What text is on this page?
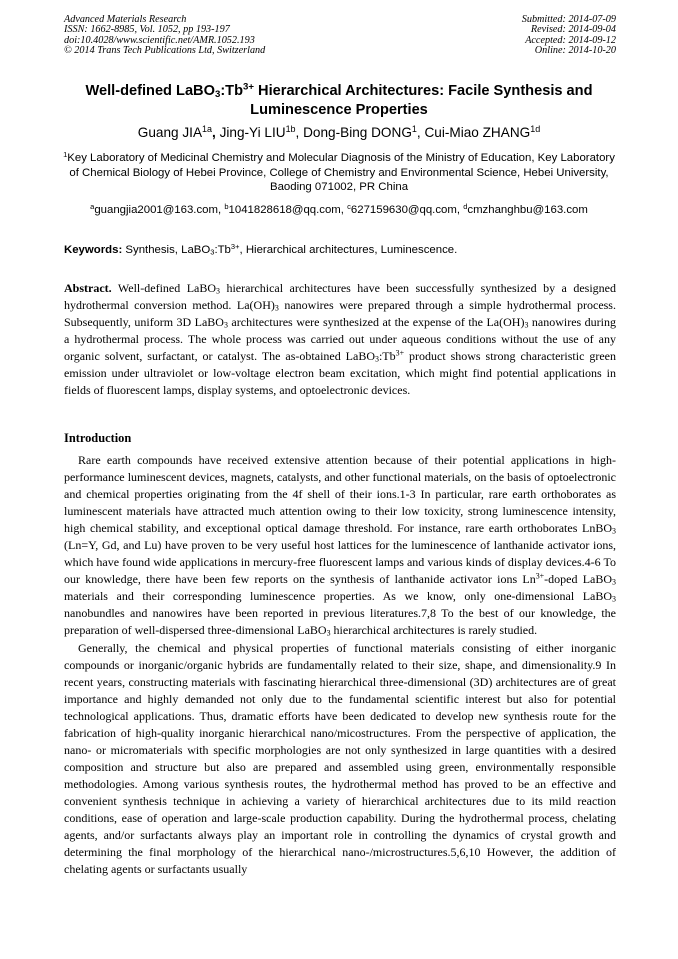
Advanced Materials Research
ISSN: 1662-8985, Vol. 1052, pp 193-197
doi:10.4028/www.scientific.net/AMR.1052.193
© 2014 Trans Tech Publications Ltd, Switzerland
Submitted: 2014-07-09
Revised: 2014-09-04
Accepted: 2014-09-12
Online: 2014-10-20
Well-defined $LaBO_3:Tb^{3+}$ Hierarchical Architectures: Facile Synthesis and Luminescence Properties
Guang $JIA^{1a}$, Jing-Yi $LIU^{1b}$, Dong-Bing DONG$^1$, Cui-Miao $ZHANG^{1d}$
$^1$Key Laboratory of Medicinal Chemistry and Molecular Diagnosis of the Ministry of Education, Key Laboratory of Chemical Biology of Hebei Province, College of Chemistry and Environmental Science, Hebei University, Baoding 071002, PR China
$^a$guangjia2001@163.com, $^b$1041828618@qq.com, $^c$627159630@qq.com, $^d$cmzhanghbu@163.com
Keywords: Synthesis, $LaBO_3:Tb^{3+}$, Hierarchical architectures, Luminescence.
Abstract. Well-defined LaBO$_3$ hierarchical architectures have been successfully synthesized by a designed hydrothermal conversion method. $La(OH)_3$ nanowires were prepared through a simple hydrothermal process. Subsequently, uniform 3D LaBO$_3$ architectures were synthesized at the expense of the $La(OH)_3$ nanowires during a hydrothermal process. The whole process was carried out under aqueous conditions without the use of any organic solvent, surfactant, or catalyst. The as-obtained $LaBO_3:Tb^{3+}$ product shows strong characteristic green emission under ultraviolet or low-voltage electron beam excitation, which might find potential applications in fields of fluorescent lamps, display systems, and optoelectronic devices.
Introduction

Rare earth compounds have received extensive attention because of their potential applications in high-performance luminescent devices, magnets, catalysts, and other functional materials, on the basis of optoelectronic and chemical properties originating from the 4f shell of their ions.1-3 In particular, rare earth orthoborates as luminescent materials have attracted much attention owing to their low toxicity, strong luminescence intensity, high chemical stability, and exceptional optical damage threshold. For instance, rare earth orthoborates LnBO$_3$ (Ln=Y, Gd, and Lu) have proven to be very useful host lattices for the luminescence of lanthanide activator ions, which have found wide applications in mercury-free fluorescent lamps and various kinds of display devices.4-6 To our knowledge, there have been few reports on the synthesis of lanthanide activator ions $Ln^{3+}$-doped LaBO$_3$ materials and their corresponding luminescence properties. As we know, only one-dimensional LaBO$_3$ nanobundles and nanowires have been reported in previous literatures.7,8 To the best of our knowledge, the preparation of well-dispersed three-dimensional LaBO$_3$ hierarchical architectures is rarely studied.

Generally, the chemical and physical properties of functional materials consisting of either inorganic compounds or inorganic/organic hybrids are fundamentally related to their size, shape, and dimensionality.9 In recent years, constructing materials with fascinating hierarchical three-dimensional (3D) architectures are of great importance and highly demanded not only due to the fundamental scientific interest but also for potential technological applications. Thus, dramatic efforts have been dedicated to develop new synthesis route for the fabrication of high-quality inorganic hierarchical nano/micostructures. From the perspective of application, the nano- or micromaterials with specific morphologies are not only synthesized in large quantities with a desired composition and structure but also are prepared and assembled using green, environmentally responsible methodologies. Among various synthesis routes, the hydrothermal method has proved to be an effective and convenient synthesis technique in achieving a variety of hierarchical architectures due to its mild reaction conditions, ease of operation and large-scale production capability. During the hydrothermal process, chelating agents, and/or surfactants always play an important role in controlling the dynamics of crystal growth and determining the final morphology of the hierarchical nano-/microstructures.5,6,10 However, the addition of chelating agents or surfactants usually
